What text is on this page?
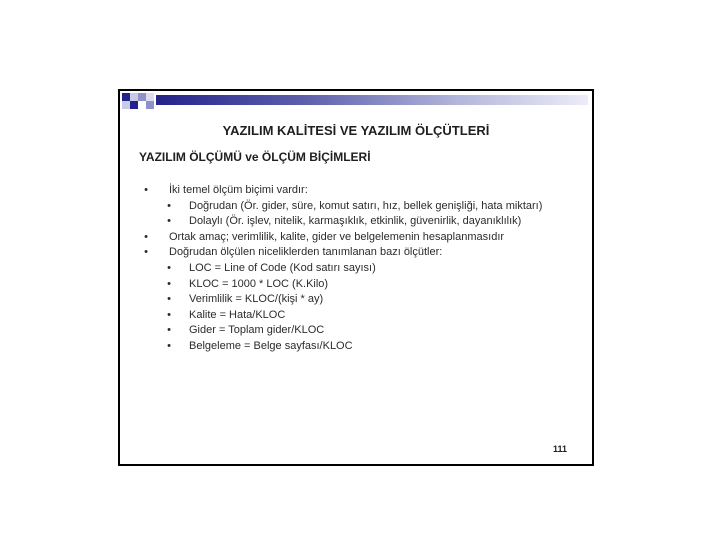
YAZILIM KALİTESİ VE YAZILIM ÖLÇÜTLERİ
YAZILIM ÖLÇÜMÜ ve ÖLÇÜM BİÇİMLERİ
•	İki temel ölçüm biçimi vardır:
•	Doğrudan (Ör. gider, süre, komut satırı, hız, bellek genişliği, hata miktarı)
•	Dolaylı (Ör. işlev, nitelik, karmaşıklık, etkinlik, güvenirlik, dayanıklılık)
•	Ortak amaç; verimlilik, kalite, gider ve belgelemenin hesaplanmasıdır
•	Doğrudan ölçülen niceliklerden tanımlanan bazı ölçütler:
•	LOC = Line of Code (Kod satırı sayısı)
•	KLOC = 1000 * LOC (K.Kilo)
•	Verimlilik = KLOC/(kişi * ay)
•	Kalite = Hata/KLOC
•	Gider = Toplam gider/KLOC
•	Belgeleme = Belge sayfası/KLOC
111
